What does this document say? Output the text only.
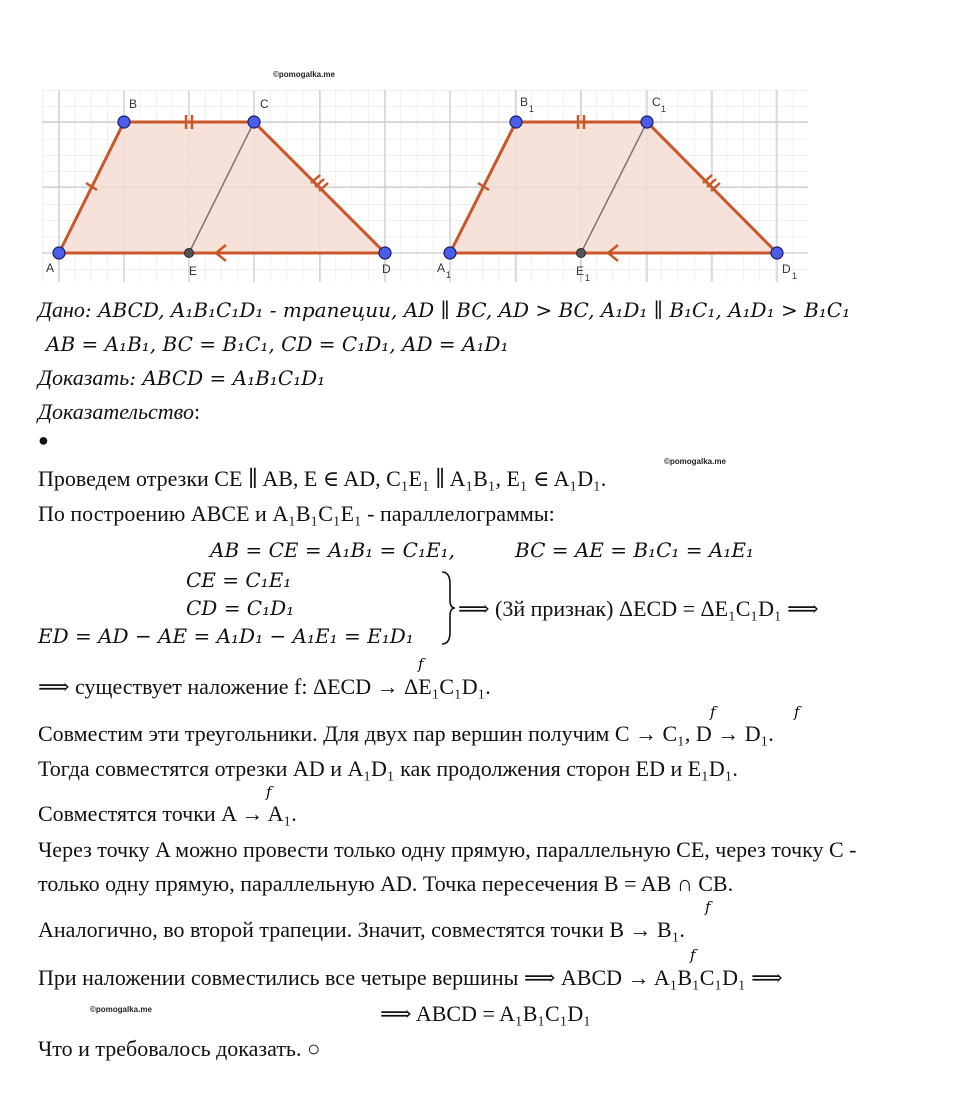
©pomogalka.me
©pomogalka.me
©pomogalka.me
A
B	C
D
E	A 1
B 1	C 1
D 1
E 1
Дано: ABCD, A₁B₁C₁D₁ - трапеции, AD ∥ BC, AD > BC, A₁D₁ ∥ B₁C₁, A₁D₁ > B₁C₁
AB = A₁B₁, BC = B₁C₁, CD = C₁D₁, AD = A₁D₁
Доказать: ABCD = A₁B₁C₁D₁
Доказательство:
●
Проведем отрезки CE ∥ AB, E ∈ AD, C₁E₁ ∥ A₁B₁, E₁ ∈ A₁D₁.
По построению ABCE и A₁B₁C₁E₁ - параллелограммы:
AB = CE = A₁B₁ = C₁E₁,	BC = AE = B₁C₁ = A₁E₁
CE = C₁E₁
CD = C₁D₁
ED = AD − AE = A₁D₁ − A₁E₁ = E₁D₁
⟹ (3й признак) ΔECD = ΔE₁C₁D₁ ⟹
⟹ существует наложение f: ΔECD → ΔE₁C₁D₁.
f
Совместим эти треугольники. Для двух пар вершин получим C → C₁, D → D₁.
f	f
Тогда совместятся отрезки AD и A₁D₁ как продолжения сторон ED и E₁D₁.
Совместятся точки A → A₁.
f
Через точку A можно провести только одну прямую, параллельную CE, через точку C -
только одну прямую, параллельную AD. Точка пересечения B = AB ∩ CB.
Аналогично, во второй трапеции. Значит, совместятся точки B → B₁.
f
При наложении совместились все четыре вершины ⟹ ABCD → A₁B₁C₁D₁ ⟹
f
⟹ ABCD = A₁B₁C₁D₁
Что и требовалось доказать. ○
